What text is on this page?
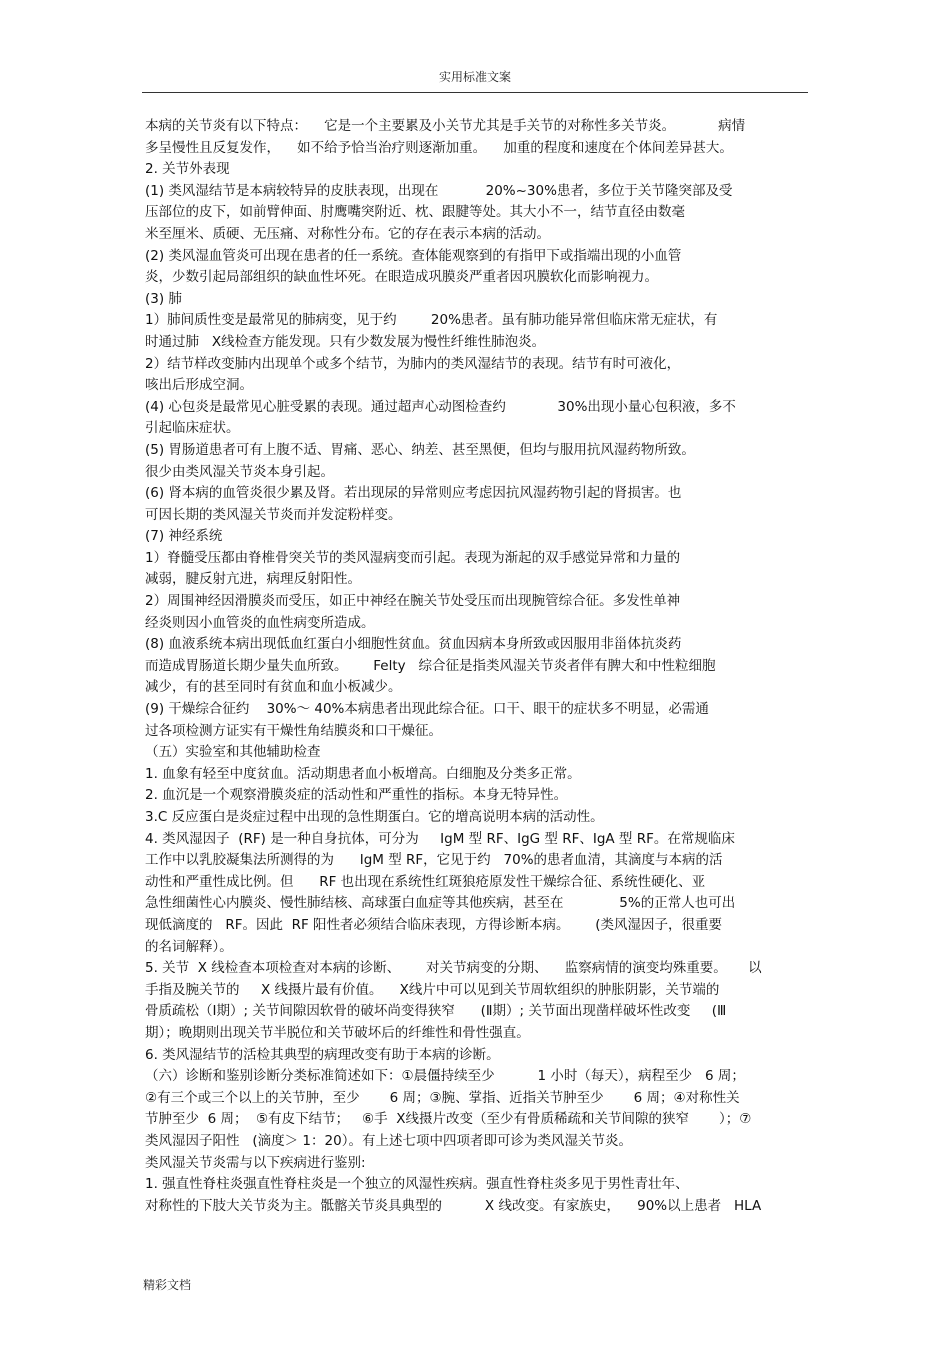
实用标准文案
本病的关节炎有以下特点：    它是一个主要累及小关节尤其是手关节的对称性多关节炎。          病情
多呈慢性且反复发作，    如不给予恰当治疗则逐渐加重。    加重的程度和速度在个体间差异甚大。
2. 关节外表现
(1) 类风湿结节是本病较特异的皮肤表现，出现在           20%~30%患者，多位于关节隆突部及受
压部位的皮下，如前臂伸面、肘鹰嘴突附近、枕、跟腱等处。其大小不一，结节直径由数毫
米至厘米、质硬、无压痛、对称性分布。它的存在表示本病的活动。
(2) 类风湿血管炎可出现在患者的任一系统。查体能观察到的有指甲下或指端出现的小血管
炎，少数引起局部组织的缺血性坏死。在眼造成巩膜炎严重者因巩膜软化而影响视力。
(3) 肺
1）肺间质性变是最常见的肺病变，见于约        20%患者。虽有肺功能异常但临床常无症状，有
时通过肺   X线检查方能发现。只有少数发展为慢性纤维性肺泡炎。
2）结节样改变肺内出现单个或多个结节，为肺内的类风湿结节的表现。结节有时可液化，
咳出后形成空洞。
(4) 心包炎是最常见心脏受累的表现。通过超声心动图检查约            30%出现小量心包积液，多不
引起临床症状。
(5) 胃肠道患者可有上腹不适、胃痛、恶心、纳差、甚至黑便，但均与服用抗风湿药物所致。
很少由类风湿关节炎本身引起。
(6) 肾本病的血管炎很少累及肾。若出现尿的异常则应考虑因抗风湿药物引起的肾损害。也
可因长期的类风湿关节炎而并发淀粉样变。
(7) 神经系统
1）脊髓受压都由脊椎骨突关节的类风湿病变而引起。表现为渐起的双手感觉异常和力量的
减弱，腱反射亢进，病理反射阳性。
2）周围神经因滑膜炎而受压，如正中神经在腕关节处受压而出现腕管综合征。多发性单神
经炎则因小血管炎的血性病变所造成。
(8) 血液系统本病出现低血红蛋白小细胞性贫血。贫血因病本身所致或因服用非甾体抗炎药
而造成胃肠道长期少量失血所致。      Felty   综合征是指类风湿关节炎者伴有脾大和中性粒细胞
减少，有的甚至同时有贫血和血小板减少。
(9) 干燥综合征约    30%～ 40%本病患者出现此综合征。口干、眼干的症状多不明显，必需通
过各项检测方证实有干燥性角结膜炎和口干燥征。
（五）实验室和其他辅助检查
1. 血象有轻至中度贫血。活动期患者血小板增高。白细胞及分类多正常。
2. 血沉是一个观察滑膜炎症的活动性和严重性的指标。本身无特异性。
3.C 反应蛋白是炎症过程中出现的急性期蛋白。它的增高说明本病的活动性。
4. 类风湿因子  (RF) 是一种自身抗体，可分为     IgM 型 RF、IgG 型 RF、IgA 型 RF。在常规临床
工作中以乳胶凝集法所测得的为      IgM 型 RF，它见于约   70%的患者血清，其滴度与本病的活
动性和严重性成比例。但      RF 也出现在系统性红斑狼疮原发性干燥综合征、系统性硬化、亚
急性细菌性心内膜炎、慢性肺结核、高球蛋白血症等其他疾病，甚至在             5%的正常人也可出
现低滴度的   RF。因此  RF 阳性者必须结合临床表现，方得诊断本病。      (类风湿因子，很重要
的名词解释）。
5. 关节  X 线检查本项检查对本病的诊断、      对关节病变的分期、    监察病情的演变均殊重要。     以
手指及腕关节的     X 线摄片最有价值。    X线片中可以见到关节周软组织的肿胀阴影，关节端的
骨质疏松（Ⅰ期）; 关节间隙因软骨的破坏尚变得狭窄      (Ⅱ期）; 关节面出现凿样破坏性改变     (Ⅲ
期）；晚期则出现关节半脱位和关节破坏后的纤维性和骨性强直。
6. 类风湿结节的活检其典型的病理改变有助于本病的诊断。
（六）诊断和鉴别诊断分类标准简述如下：①晨僵持续至少          1 小时（每天），病程至少   6 周；
②有三个或三个以上的关节肿，至少       6 周；③腕、掌指、近指关节肿至少       6 周；④对称性关
节肿至少  6 周；  ⑤有皮下结节；   ⑥手  X线摄片改变（至少有骨质稀疏和关节间隙的狭窄       ）；⑦
类风湿因子阳性   (滴度＞ 1：20）。有上述七项中四项者即可诊为类风湿关节炎。
类风湿关节炎需与以下疾病进行鉴别:
1. 强直性脊柱炎强直性脊柱炎是一个独立的风湿性疾病。强直性脊柱炎多见于男性青壮年、
对称性的下肢大关节炎为主。骶髂关节炎具典型的          X 线改变。有家族史，    90%以上患者   HLA
精彩文档
